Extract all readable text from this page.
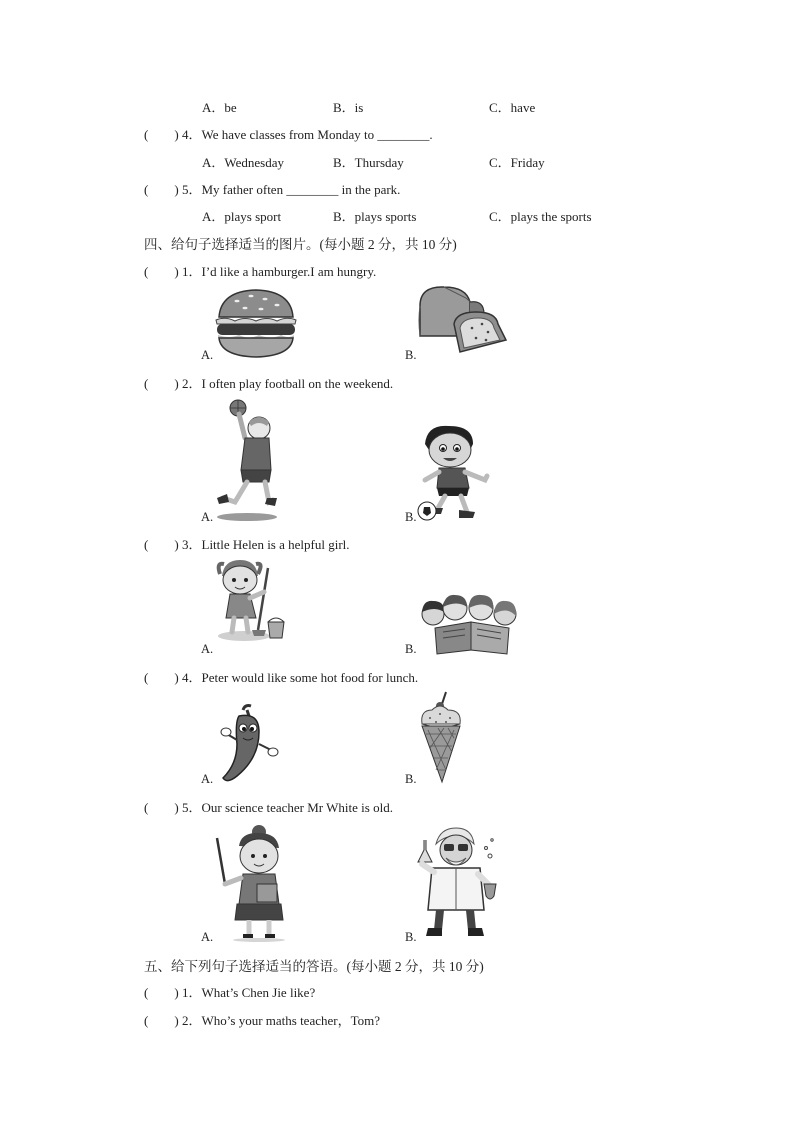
A．be	B．is	C．have
(　　) 4．We have classes from Monday to ________.
A．Wednesday	B．Thursday	C．Friday
(　　) 5．My father often ________ in the park.
A．plays sport	B．plays sports	C．plays the sports
四、给句子选择适当的图片。(每小题 2 分，共 10 分)
(　　) 1．I’d like a hamburger.I am hungry.
A.	B.
(　　) 2．I often play football on the weekend.
A.	B.
(　　) 3．Little Helen is a helpful girl.
A.	B.
(　　) 4．Peter would like some hot food for lunch.
A.	B.
(　　) 5．Our science teacher Mr White is old.
A.	B.
五、给下列句子选择适当的答语。(每小题 2 分，共 10 分)
(　　) 1．What’s Chen Jie like?
(　　) 2．Who’s your maths teacher，Tom?
